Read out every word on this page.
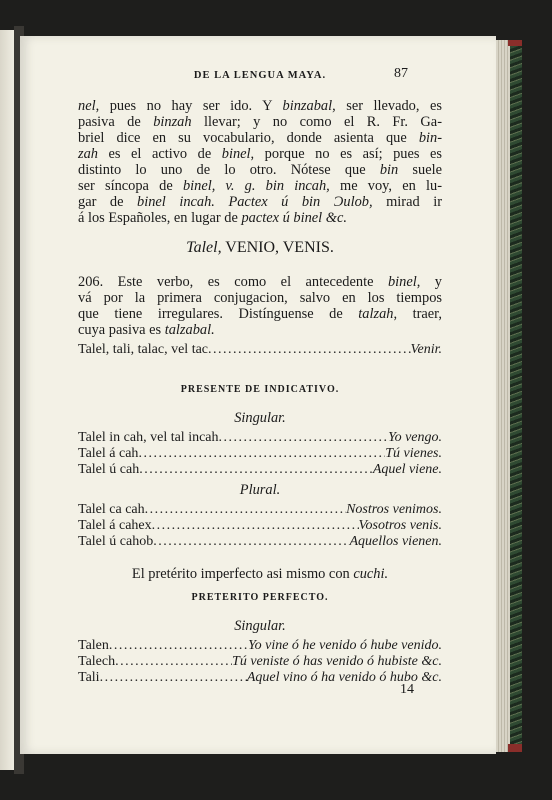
DE LA LENGUA MAYA.	87
nel, pues no hay ser ido. Y binzabal, ser llevado, es
pasiva de binzah llevar; y no como el R. Fr. Ga-
briel dice en su vocabulario, donde asienta que bin-
zah es el activo de binel, porque no es así; pues es
distinto lo uno de lo otro. Nótese que bin suele
ser síncopa de binel, v. g. bin incah, me voy, en lu-
gar de binel incah. Pactex ú bin Ɔulob, mirad ir
á los Españoles, en lugar de pactex ú binel &c.
Talel, VENIO, VENIS.
206. Este verbo, es como el antecedente binel, y
vá por la primera conjugacion, salvo en los tiempos
que tiene irregulares. Distínguense de talzah, traer,
cuya pasiva es talzabal.
Talel, tali, talac, vel tac . . .	Venir.
PRESENTE DE INDICATIVO.
Singular.
Talel in cah, vel tal incah . . .	Yo vengo.
Talel á cah . . .	Tú vienes.
Talel ú cah . . .	Aquel viene.
Plural.
Talel ca cah . . .	Nostros venimos.
Talel á cahex . . .	Vosotros venis.
Talel ú cahob . . .	Aquellos vienen.
El pretérito imperfecto asi mismo con cuchi.
PRETERITO PERFECTO.
Singular.
Talen . . .	Yo vine ó he venido ó hube venido.
Talech . . .	Tú veniste ó has venido ó hubiste &c.
Tali . . .	Aquel vino ó ha venido ó hubo &c.
14
